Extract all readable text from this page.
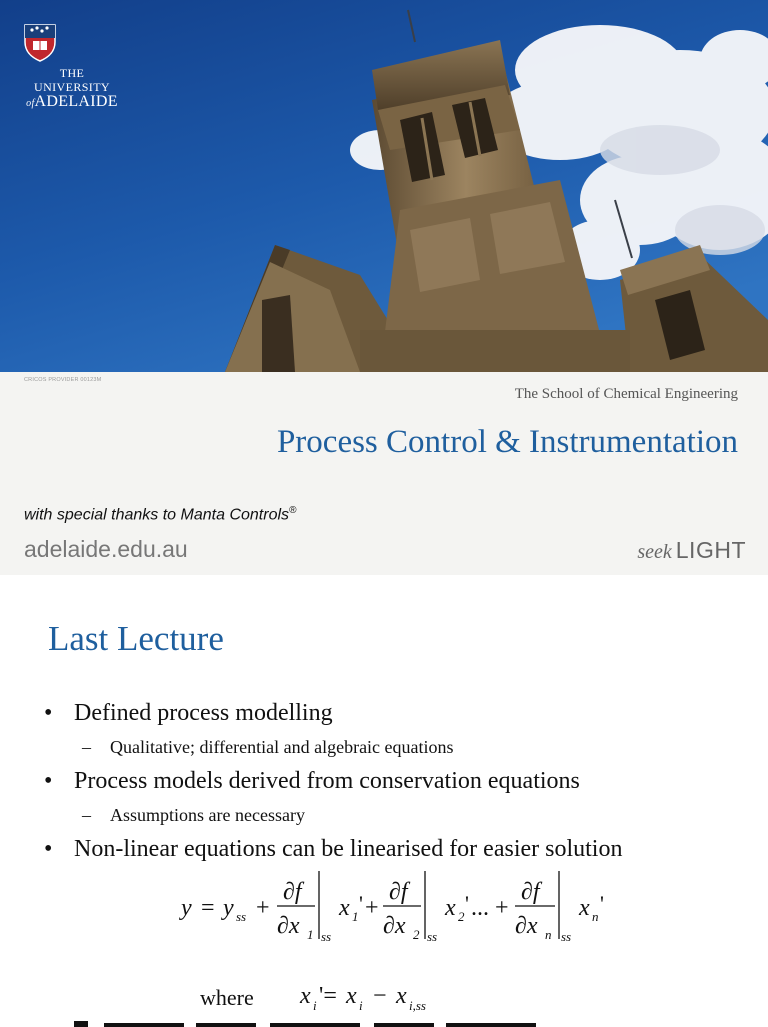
THE UNIVERSITY
ofADELAIDE
CRICOS PROVIDER 00123M
The School of Chemical Engineering
Process Control & Instrumentation
with special thanks to Manta Controls®
adelaide.edu.au	seek LIGHT
Last Lecture
• Defined process modelling
– Qualitative; differential and algebraic equations
• Process models derived from conservation equations
– Assumptions are necessary
• Non-linear equations can be linearised for easier solution
y = y ss +
∂f
∂x 1 ss
x 1
' +
∂f
∂x 2 ss
x 2
' ... +
∂f
∂x n ss
x n
'
where x i '= x i − x i,ss
